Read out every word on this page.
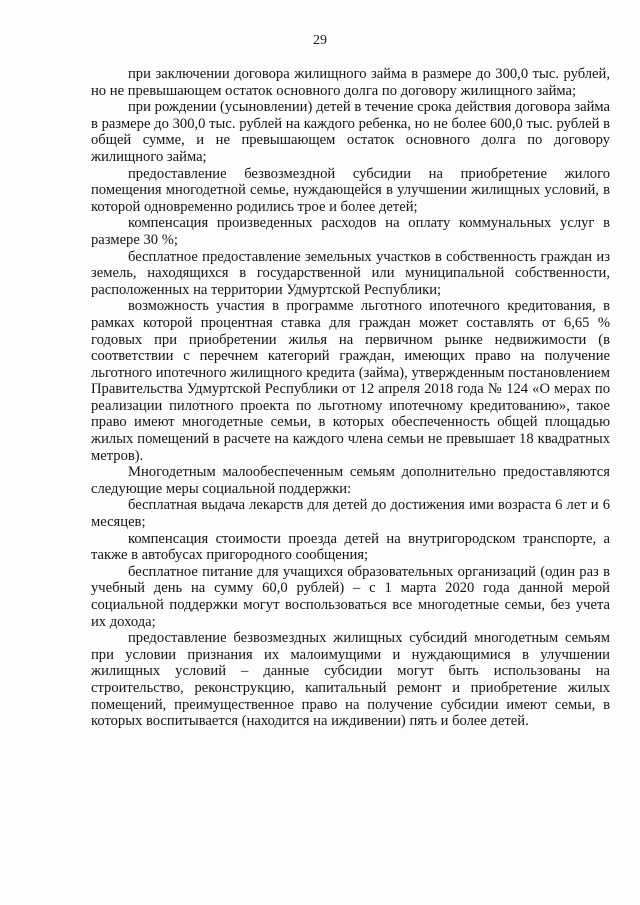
29

при заключении договора жилищного займа в размере до 300,0 тыс. рублей, но не превышающем остаток основного долга по договору жилищного займа;

при рождении (усыновлении) детей в течение срока действия договора займа в размере до 300,0 тыс. рублей на каждого ребенка, но не более 600,0 тыс. рублей в общей сумме, и не превышающем остаток основного долга по договору жилищного займа;

предоставление безвозмездной субсидии на приобретение жилого помещения многодетной семье, нуждающейся в улучшении жилищных условий, в которой одновременно родились трое и более детей;

компенсация произведенных расходов на оплату коммунальных услуг в размере 30 %;

бесплатное предоставление земельных участков в собственность граждан из земель, находящихся в государственной или муниципальной собственности, расположенных на территории Удмуртской Республики;

возможность участия в программе льготного ипотечного кредитования, в рамках которой процентная ставка для граждан может составлять от 6,65 % годовых при приобретении жилья на первичном рынке недвижимости (в соответствии с перечнем категорий граждан, имеющих право на получение льготного ипотечного жилищного кредита (займа), утвержденным постановлением Правительства Удмуртской Республики от 12 апреля 2018 года № 124 «О мерах по реализации пилотного проекта по льготному ипотечному кредитованию», такое право имеют многодетные семьи, в которых обеспеченность общей площадью жилых помещений в расчете на каждого члена семьи не превышает 18 квадратных метров).

Многодетным малообеспеченным семьям дополнительно предоставляются следующие меры социальной поддержки:

бесплатная выдача лекарств для детей до достижения ими возраста 6 лет и 6 месяцев;

компенсация стоимости проезда детей на внутригородском транспорте, а также в автобусах пригородного сообщения;

бесплатное питание для учащихся образовательных организаций (один раз в учебный день на сумму 60,0 рублей) – с 1 марта 2020 года данной мерой социальной поддержки могут воспользоваться все многодетные семьи, без учета их дохода;

предоставление безвозмездных жилищных субсидий многодетным семьям при условии признания их малоимущими и нуждающимися в улучшении жилищных условий – данные субсидии могут быть использованы на строительство, реконструкцию, капитальный ремонт и приобретение жилых помещений, преимущественное право на получение субсидии имеют семьи, в которых воспитывается (находится на иждивении) пять и более детей.
